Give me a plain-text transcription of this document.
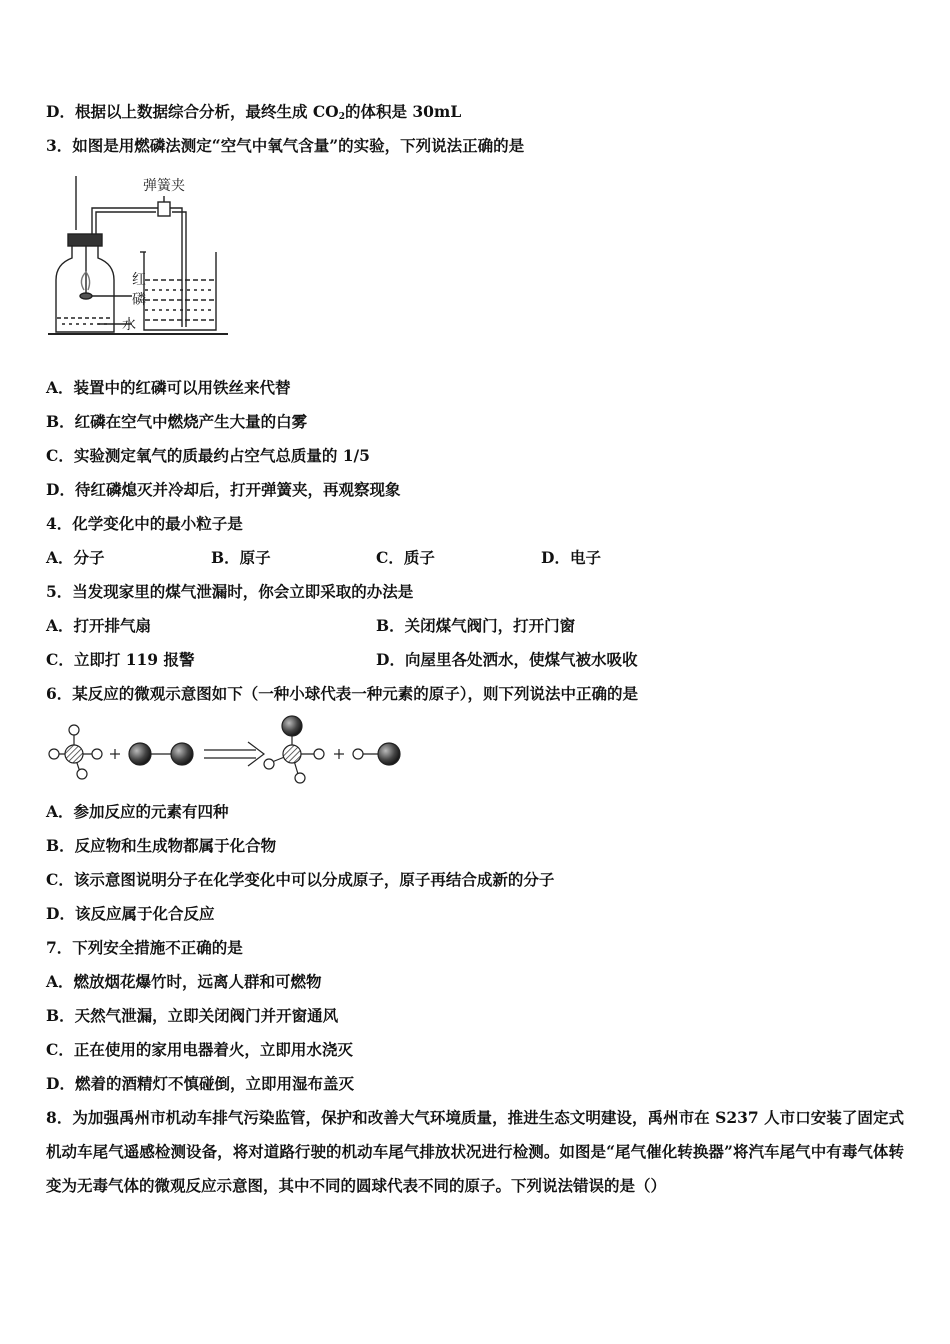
D．根据以上数据综合分析，最终生成 $CO_2$的体积是 30mL
3．如图是用燃磷法测定“空气中氧气含量”的实验，下列说法正确的是
弹簧夹
红
磷
水
A．装置中的红磷可以用铁丝来代替
B．红磷在空气中燃烧产生大量的白雾
C．实验测定氧气的质最约占空气总质量的 1/5
D．待红磷熄灭并冷却后，打开弹簧夹，再观察现象
4．化学变化中的最小粒子是
A．分子	B．原子	C．质子	D．电子
5．当发现家里的煤气泄漏时，你会立即采取的办法是
A．打开排气扇	B．关闭煤气阀门，打开门窗
C．立即打 119 报警	D．向屋里各处洒水，使煤气被水吸收
6．某反应的微观示意图如下（一种小球代表一种元素的原子），则下列说法中正确的是
A．参加反应的元素有四种
B．反应物和生成物都属于化合物
C．该示意图说明分子在化学变化中可以分成原子，原子再结合成新的分子
D．该反应属于化合反应
7．下列安全措施不正确的是
A．燃放烟花爆竹时，远离人群和可燃物
B．天然气泄漏，立即关闭阀门并开窗通风
C．正在使用的家用电器着火，立即用水浇灭
D．燃着的酒精灯不慎碰倒，立即用湿布盖灭
8．为加强禹州市机动车排气污染监管，保护和改善大气环境质量，推进生态文明建设，禹州市在 S237 人市口安装了固定式机动车尾气遥感检测设备，将对道路行驶的机动车尾气排放状况进行检测。如图是“尾气催化转换器”将汽车尾气中有毒气体转变为无毒气体的微观反应示意图，其中不同的圆球代表不同的原子。下列说法错误的是（）
